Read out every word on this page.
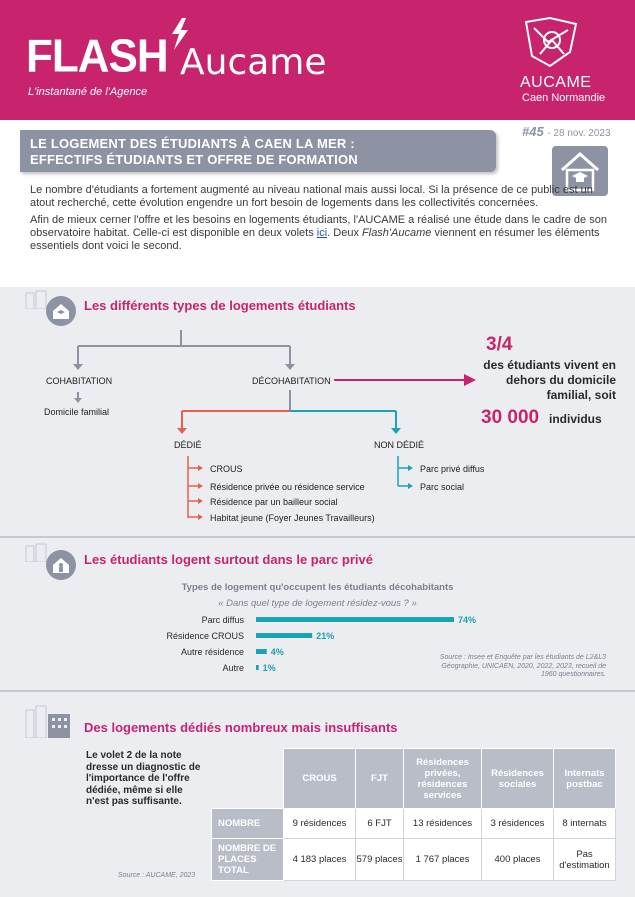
FLASH Aucame
L'instantané de l'Agence
AUCAME
Caen Normandie
LE LOGEMENT DES ÉTUDIANTS À CAEN LA MER :
EFFECTIFS ÉTUDIANTS ET OFFRE DE FORMATION
#45 - 28 nov. 2023

Le nombre d'étudiants a fortement augmenté au niveau national mais aussi local. Si la présence de ce public est un atout recherché, cette évolution engendre un fort besoin de logements dans les collectivités concernées.

Afin de mieux cerner l'offre et les besoins en logements étudiants, l'AUCAME a réalisé une étude dans le cadre de son observatoire habitat. Celle-ci est disponible en deux volets ici. Deux Flash'Aucame viennent en résumer les éléments essentiels dont voici le second.

Les différents types de logements étudiants
COHABITATION
Domicile familial
DÉCOHABITATION
DÉDIÉ	NON DÉDIÉ
CROUS
Résidence privée ou résidence service
Résidence par un bailleur social
Habitat jeune (Foyer Jeunes Travailleurs)
Parc privé diffus
Parc social
3/4
des étudiants vivent en dehors du domicile familial, soit
30 000 individus
Les étudiants logent surtout dans le parc privé
Types de logement qu'occupent les étudiants décohabitants
« Dans quel type de logement résidez-vous ? »
Parc diffus	74%
Résidence CROUS	21%
Autre résidence	4%
Autre 1%
Source : Insee et Enquête par les étudiants de L2&L3 Géographie, UNICAEN, 2020, 2022, 2023, recueil de 1960 questionnaires.
Des logements dédiés nombreux mais insuffisants
Le volet 2 de la note dresse un diagnostic de l'importance de l'offre dédiée, même si elle n'est pas suffisante.
Source : AUCAME, 2023
	CROUS	FJT	Résidences privées, résidences services	Résidences sociales	Internats postbac
NOMBRE	9 résidences	6 FJT	13 résidences	3 résidences	8 internats
NOMBRE DE PLACES TOTAL	4 183 places	579 places	1 767 places	400 places	Pas d'estimation
